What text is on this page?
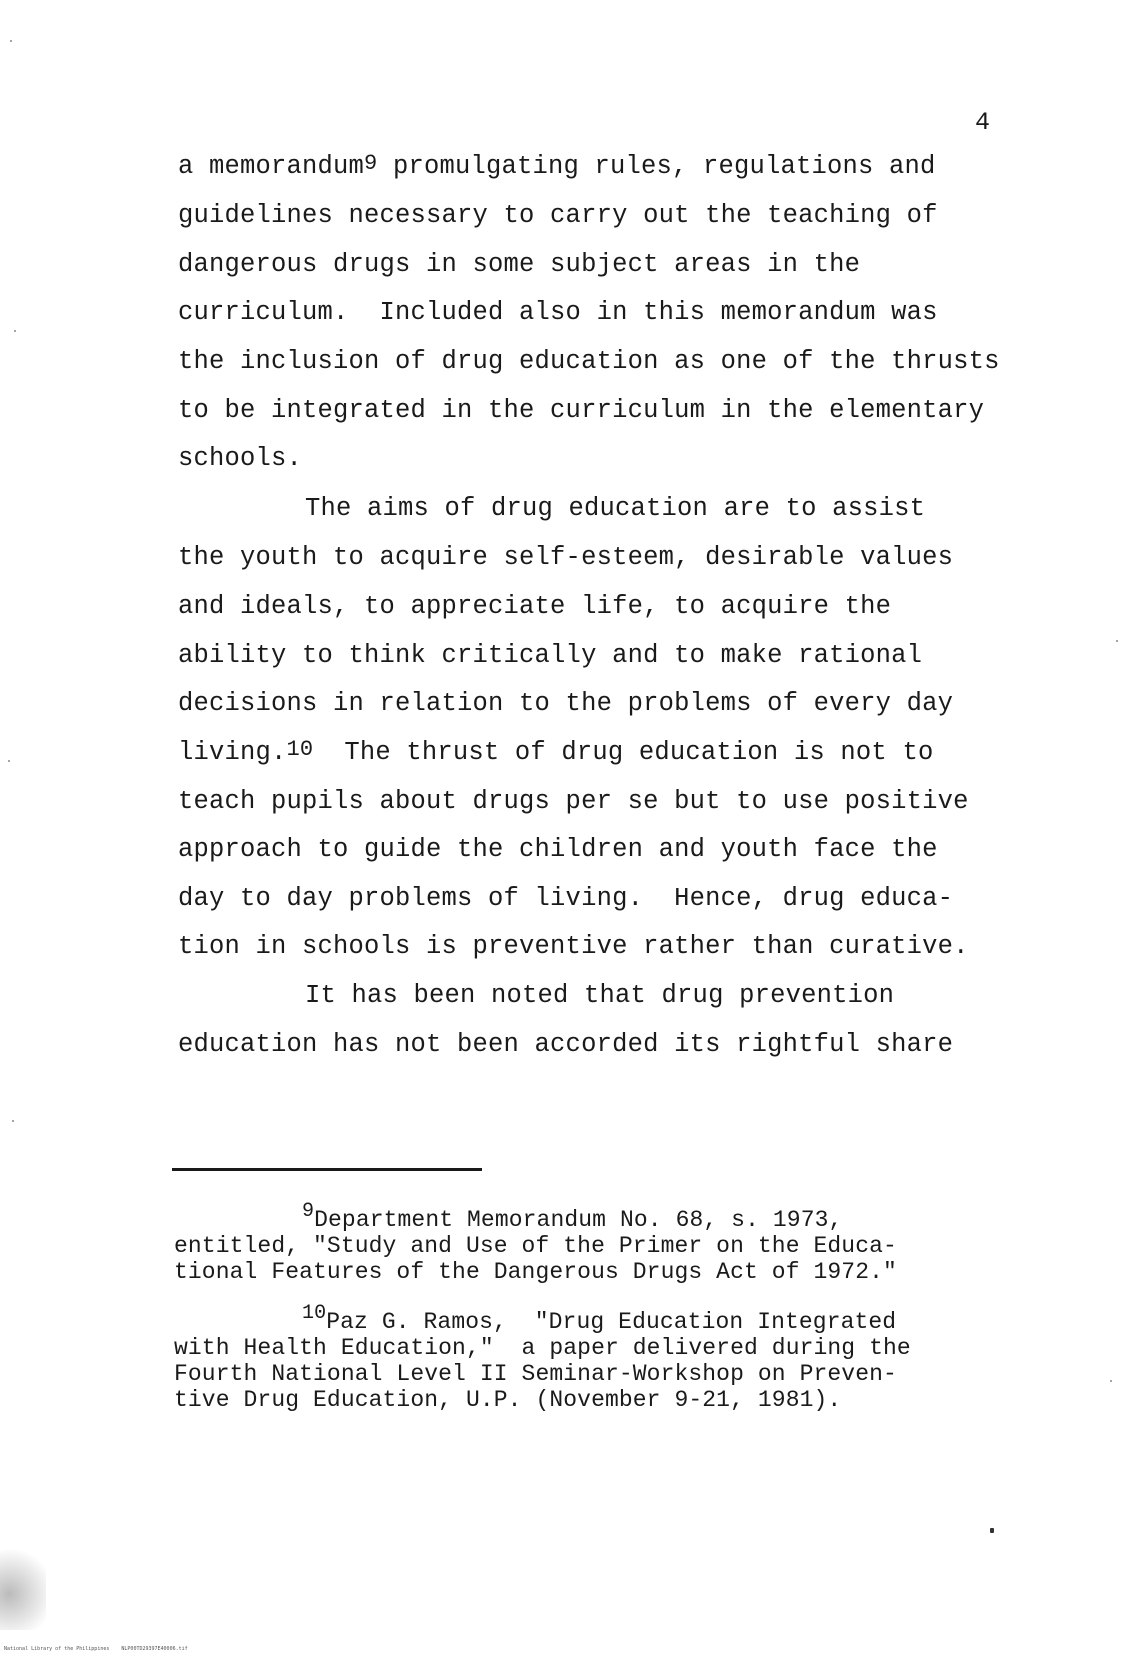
4
a memorandum$^9$ promulgating rules, regulations and
guidelines necessary to carry out the teaching of
dangerous drugs in some subject areas in the
curriculum.  Included also in this memorandum was
the inclusion of drug education as one of the thrusts
to be integrated in the curriculum in the elementary
schools.
The aims of drug education are to assist
the youth to acquire self-esteem, desirable values
and ideals, to appreciate life, to acquire the
ability to think critically and to make rational
decisions in relation to the problems of every day
living.$^{10}$  The thrust of drug education is not to
teach pupils about drugs per se but to use positive
approach to guide the children and youth face the
day to day problems of living.  Hence, drug educa-
tion in schools is preventive rather than curative.
It has been noted that drug prevention
education has not been accorded its rightful share
9Department Memorandum No. 68, s. 1973,
entitled, "Study and Use of the Primer on the Educa-
tional Features of the Dangerous Drugs Act of 1972."
10Paz G. Ramos,  "Drug Education Integrated
with Health Education,"  a paper delivered during the
Fourth National Level II Seminar-Workshop on Preven-
tive Drug Education, U.P. (November 9-21, 1981).
National Library of the Philippines    NLP00TD29397E40006.tif
